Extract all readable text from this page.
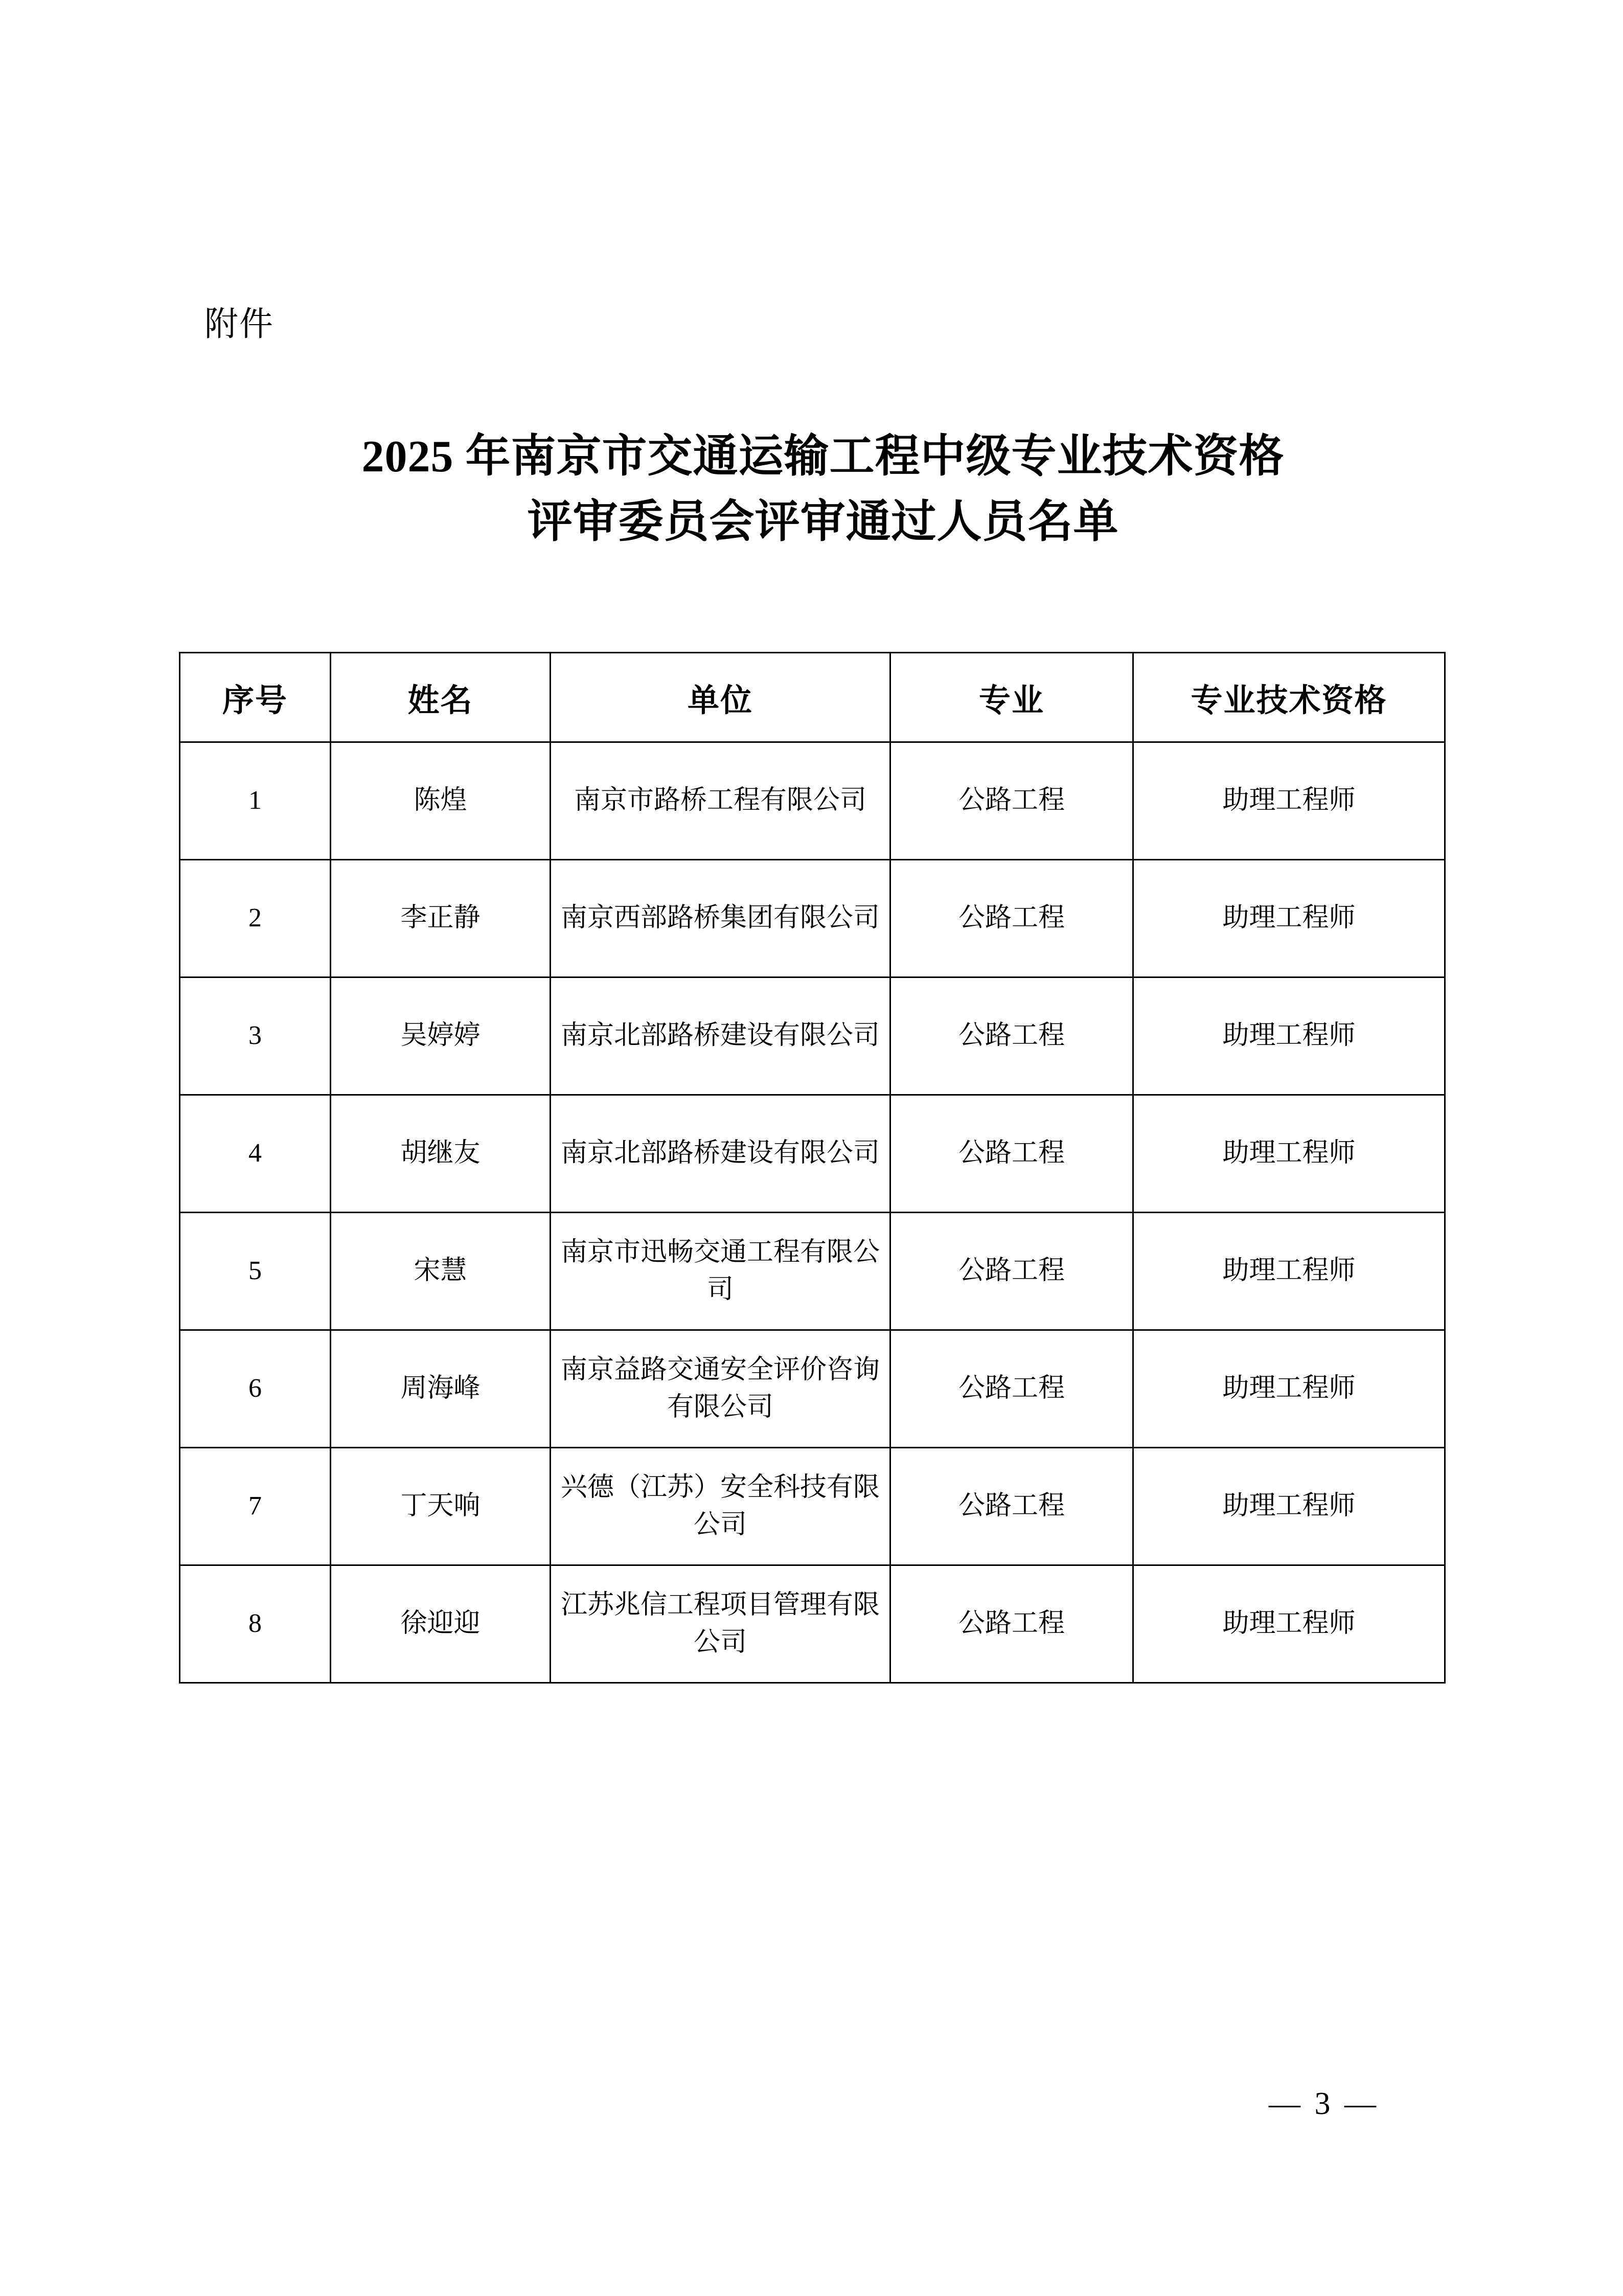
附件
2025 年南京市交通运输工程中级专业技术资格
评审委员会评审通过人员名单
序号	姓名	单位	专业	专业技术资格
1	陈煌	南京市路桥工程有限公司	公路工程	助理工程师
2	李正静	南京西部路桥集团有限公司	公路工程	助理工程师
3	吴婷婷	南京北部路桥建设有限公司	公路工程	助理工程师
4	胡继友	南京北部路桥建设有限公司	公路工程	助理工程师
5	宋慧	南京市迅畅交通工程有限公司	公路工程	助理工程师
6	周海峰	南京益路交通安全评价咨询有限公司	公路工程	助理工程师
7	丁天响	兴德（江苏）安全科技有限公司	公路工程	助理工程师
8	徐迎迎	江苏兆信工程项目管理有限公司	公路工程	助理工程师
— 3 —
